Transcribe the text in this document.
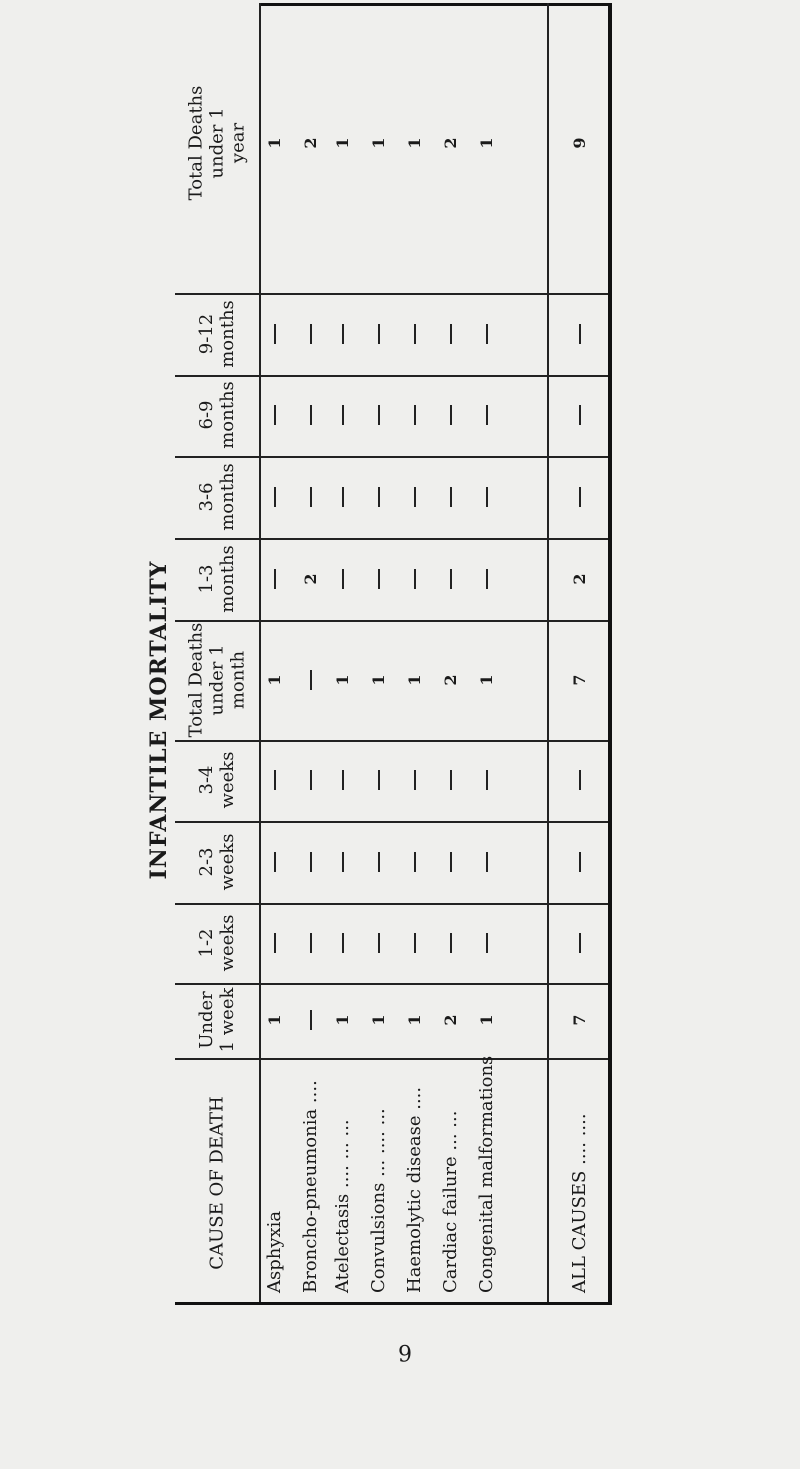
INFANTILE MORTALITY
CAUSE OF DEATH
Under
1 week
1-2
weeks
2-3
weeks
3-4
weeks
Total Deaths
under 1
month
1-3
months
3-6
months
6-9
months
9-12
months
Total Deaths
under 1
year
Asphyxia
1
1
1
Broncho-pneumonia ....
2
2
Atelectasis .... ... ...
1
1
1
Convulsions ... .... ...
1
1
1
Haemolytic disease ....
1
1
1
Cardiac failure ... ...
2
2
2
Congenital malformations
1
1
1
ALL CAUSES .... ....
7
7
2
9
9
